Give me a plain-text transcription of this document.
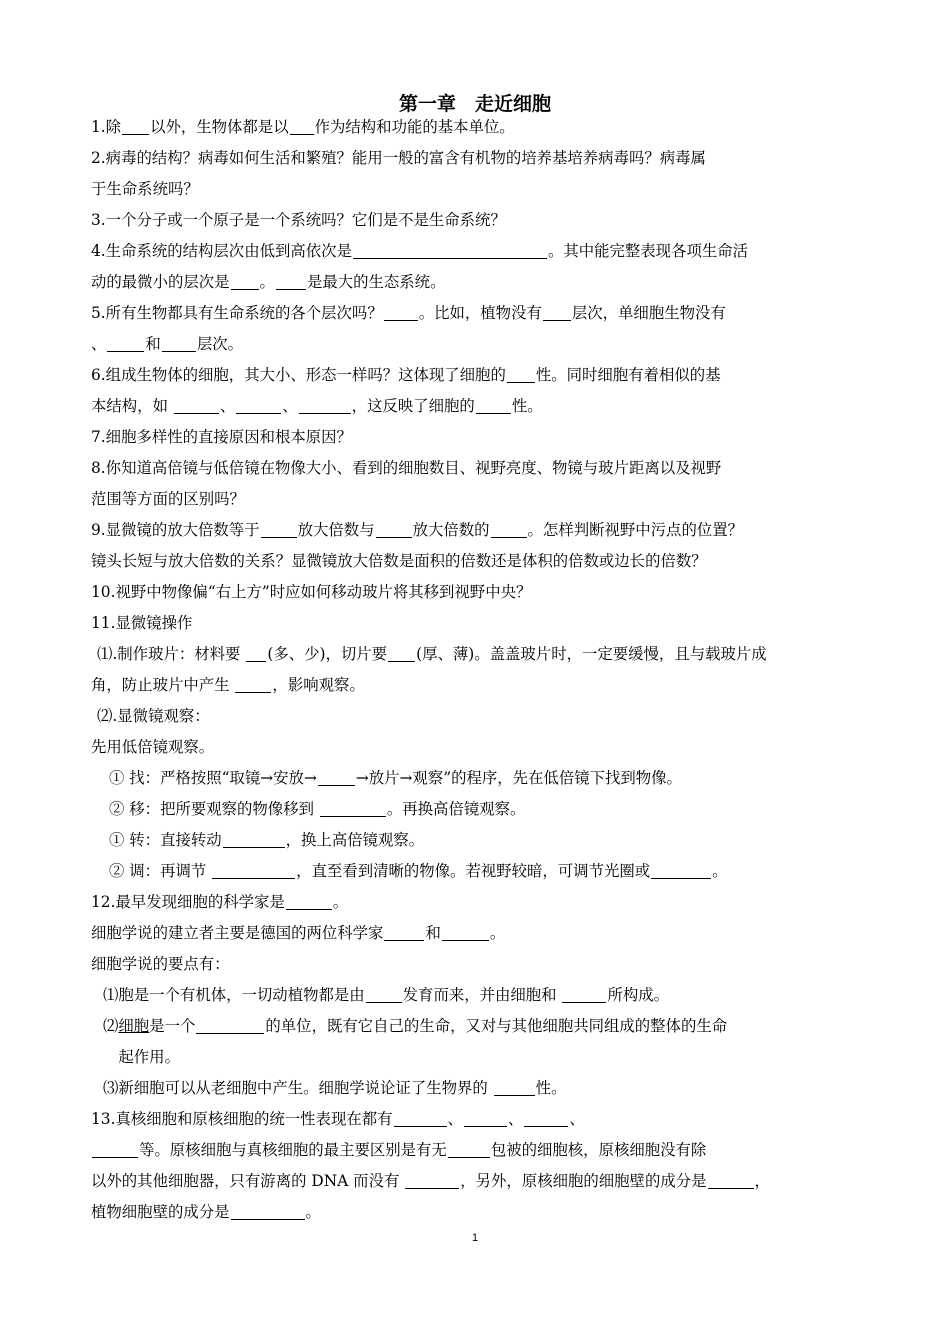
第一章　走近细胞
1.除 以外，生物体都是以 作为结构和功能的基本单位。
2.病毒的结构？病毒如何生活和繁殖？能用一般的富含有机物的培养基培养病毒吗？病毒属
于生命系统吗？
3.一个分子或一个原子是一个系统吗？它们是不是生命系统？
4.生命系统的结构层次由低到高依次是	。其中能完整表现各项生命活
动的最微小的层次是 。 是最大的生态系统。
5.所有生物都具有生命系统的各个层次吗？ 。比如，植物没有 层次，单细胞生物没有
、	和 层次。
6.组成生物体的细胞，其大小、形态一样吗？这体现了细胞的 性。同时细胞有着相似的基
本结构，如	、	、	，这反映了细胞的 性。
7.细胞多样性的直接原因和根本原因？
8.你知道高倍镜与低倍镜在物像大小、看到的细胞数目、视野亮度、物镜与玻片距离以及视野
范围等方面的区别吗？
9.显微镜的放大倍数等于 放大倍数与 放大倍数的 。怎样判断视野中污点的位置？
镜头长短与放大倍数的关系？显微镜放大倍数是面积的倍数还是体积的倍数或边长的倍数？
10.视野中物像偏“右上方”时应如何移动玻片将其移到视野中央？
11.显微镜操作
⑴.制作玻片：材料要 (多、少)，切片要 (厚、薄)。盖盖玻片时，一定要缓慢，且与载玻片成
角，防止玻片中产生 ，影响观察。
⑵.显微镜观察：
先用低倍镜观察。
① 找：严格按照“取镜→安放→	→放片→观察”的程序，先在低倍镜下找到物像。
② 移：把所要观察的物像移到	。再换高倍镜观察。
① 转：直接转动	，换上高倍镜观察。
② 调：再调节	，直至看到清晰的物像。若视野较暗，可调节光圈或	。
12.最早发现细胞的科学家是	。
细胞学说的建立者主要是德国的两位科学家	和	。
细胞学说的要点有：
⑴胞是一个有机体，一切动植物都是由 发育而来，并由细胞和	所构成。
⑵细胞是一个	的单位，既有它自己的生命，又对与其他细胞共同组成的整体的生命
　起作用。
⑶新细胞可以从老细胞中产生。细胞学说论证了生物界的	性。
13.真核细胞和原核细胞的统一性表现在都有	、	、	、
等。原核细胞与真核细胞的最主要区别是有无	包被的细胞核，原核细胞没有除
以外的其他细胞器，只有游离的 DNA 而没有	，另外，原核细胞的细胞壁的成分是	，
植物细胞壁的成分是	。
1
